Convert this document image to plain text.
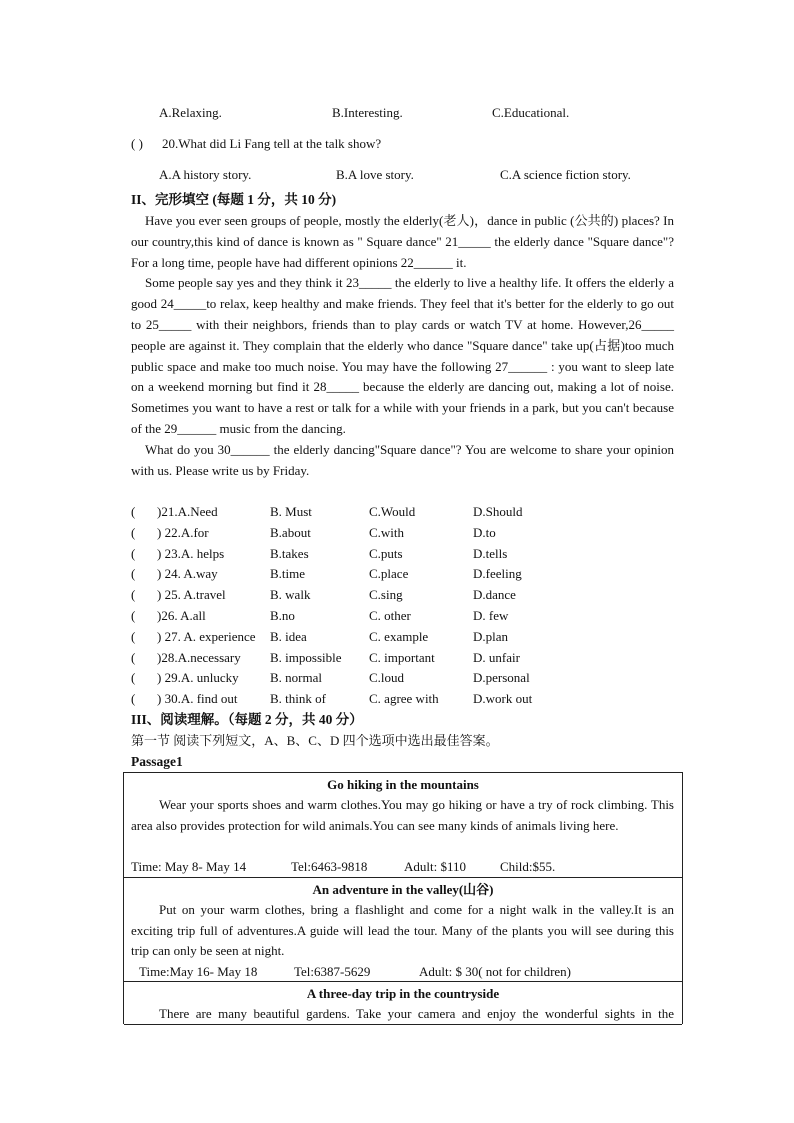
A.Relaxing.	B.Interesting.	C.Educational.
( ) 20.What did Li Fang tell at the talk show?
A.A history story.	B.A love story.	C.A science fiction story.
II、完形填空 (每题 1 分，共 10 分)

Have you ever seen groups of people, mostly the elderly(老人)，dance in public (公共的) places? In our country,this kind of dance is known as " Square dance" 21_____ the elderly dance "Square dance"? For a long time, people have had different opinions 22______ it.

Some people say yes and they think it 23_____ the elderly to live a healthy life. It offers the elderly a good 24_____to relax, keep healthy and make friends. They feel that it's better for the elderly to go out to 25_____ with their neighbors, friends than to play cards or watch TV at home. However,26_____ people are against it. They complain that the elderly who dance "Square dance" take up(占据)too much public space and make too much noise. You may have the following 27______ : you want to sleep late on a weekend morning but find it 28_____ because the elderly are dancing out, making a lot of noise. Sometimes you want to have a rest or talk for a while with your friends in a park, but you can't because of the 29______ music from the dancing.

What do you 30______ the elderly dancing"Square dance"? You are welcome to share your opinion with us. Please write us by Friday.

( )21.A.Need	B. Must	C.Would	D.Should
( ) 22.A.for	B.about	C.with	D.to
( ) 23.A. helps	B.takes	C.puts	D.tells
( ) 24. A.way	B.time	C.place	D.feeling
( ) 25. A.travel	B. walk	C.sing	D.dance
( )26. A.all	B.no	C. other	D. few
( ) 27. A. experience B. idea	C. example	D.plan
( )28.A.necessary B. impossible C. important	D. unfair
( ) 29.A. unlucky B. normal	C.loud	D.personal
( ) 30.A. find out B. think of	C. agree with	D.work out
III、阅读理解。（每题 2 分，共 40 分）
第一节 阅读下列短文，A、B、C、D 四个选项中选出最佳答案。
Passage1
Go hiking in the mountains

Wear your sports shoes and warm clothes.You may go hiking or have a try of rock climbing. This area also provides protection for wild animals.You can see many kinds of animals living here.

Time: May 8- May 14	Tel:6463-9818	Adult: $110	Child:$55.
An adventure in the valley(山谷)

Put on your warm clothes, bring a flashlight and come for a night walk in the valley.It is an exciting trip full of adventures.A guide will lead the tour. Many of the plants you will see during this trip can only be seen at night.

Time:May 16- May 18	Tel:6387-5629	Adult: $ 30( not for children)
A three-day trip in the countryside

There are many beautiful gardens. Take your camera and enjoy the wonderful sights in the
